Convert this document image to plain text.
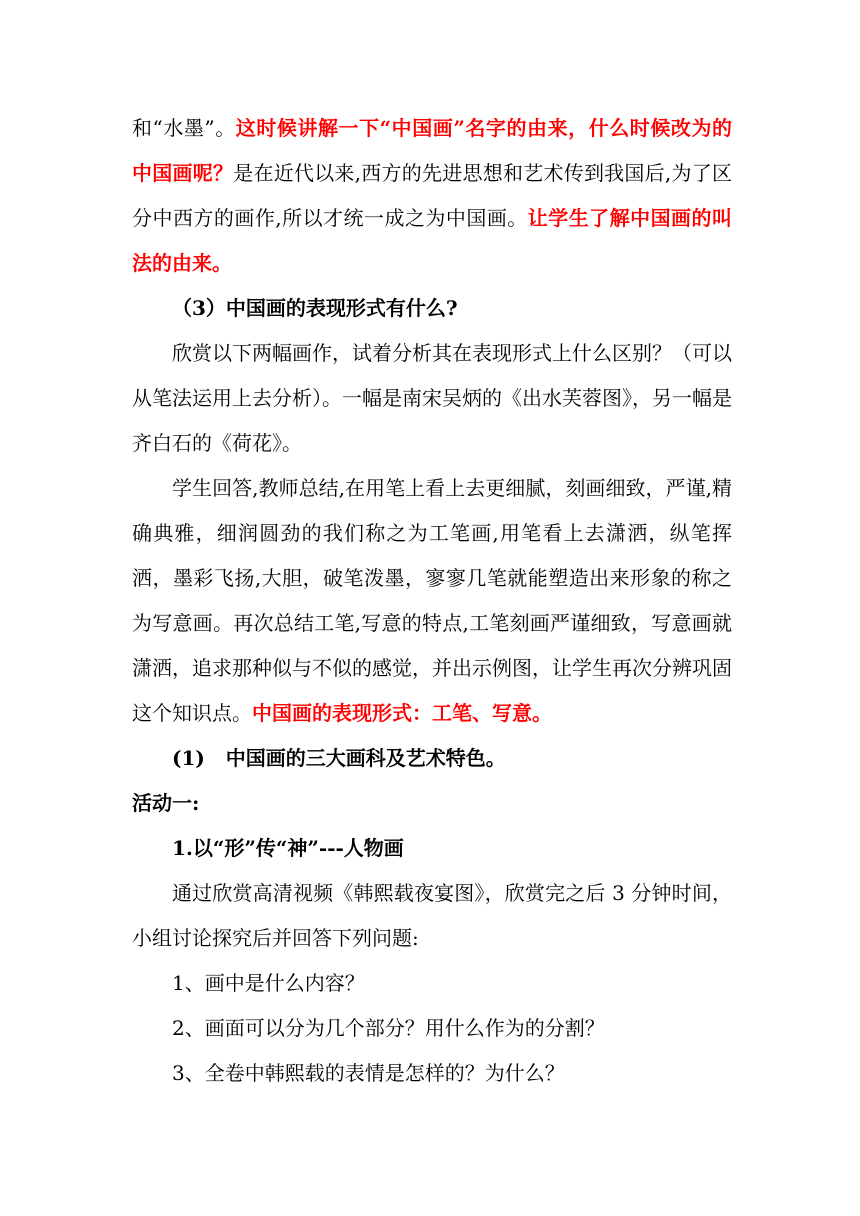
和“水墨”。这时候讲解一下“中国画”名字的由来，什么时候改为的中国画呢？是在近代以来,西方的先进思想和艺术传到我国后,为了区分中西方的画作,所以才统一成之为中国画。让学生了解中国画的叫法的由来。

（3）中国画的表现形式有什么?

欣赏以下两幅画作，试着分析其在表现形式上什么区别？（可以从笔法运用上去分析）。一幅是南宋吴炳的《出水芙蓉图》，另一幅是齐白石的《荷花》。

学生回答,教师总结,在用笔上看上去更细腻，刻画细致，严谨,精确典雅，细润圆劲的我们称之为工笔画,用笔看上去潇洒，纵笔挥洒，墨彩飞扬,大胆，破笔泼墨，寥寥几笔就能塑造出来形象的称之为写意画。再次总结工笔,写意的特点,工笔刻画严谨细致，写意画就潇洒，追求那种似与不似的感觉，并出示例图，让学生再次分辨巩固这个知识点。中国画的表现形式：工笔、写意。

(1)   中国画的三大画科及艺术特色。

活动一:

1.以“形”传“神”---人物画

通过欣赏高清视频《韩熙载夜宴图》，欣赏完之后 3 分钟时间，小组讨论探究后并回答下列问题:

1、画中是什么内容？

2、画面可以分为几个部分？用什么作为的分割？

3、全卷中韩熙载的表情是怎样的？为什么？
